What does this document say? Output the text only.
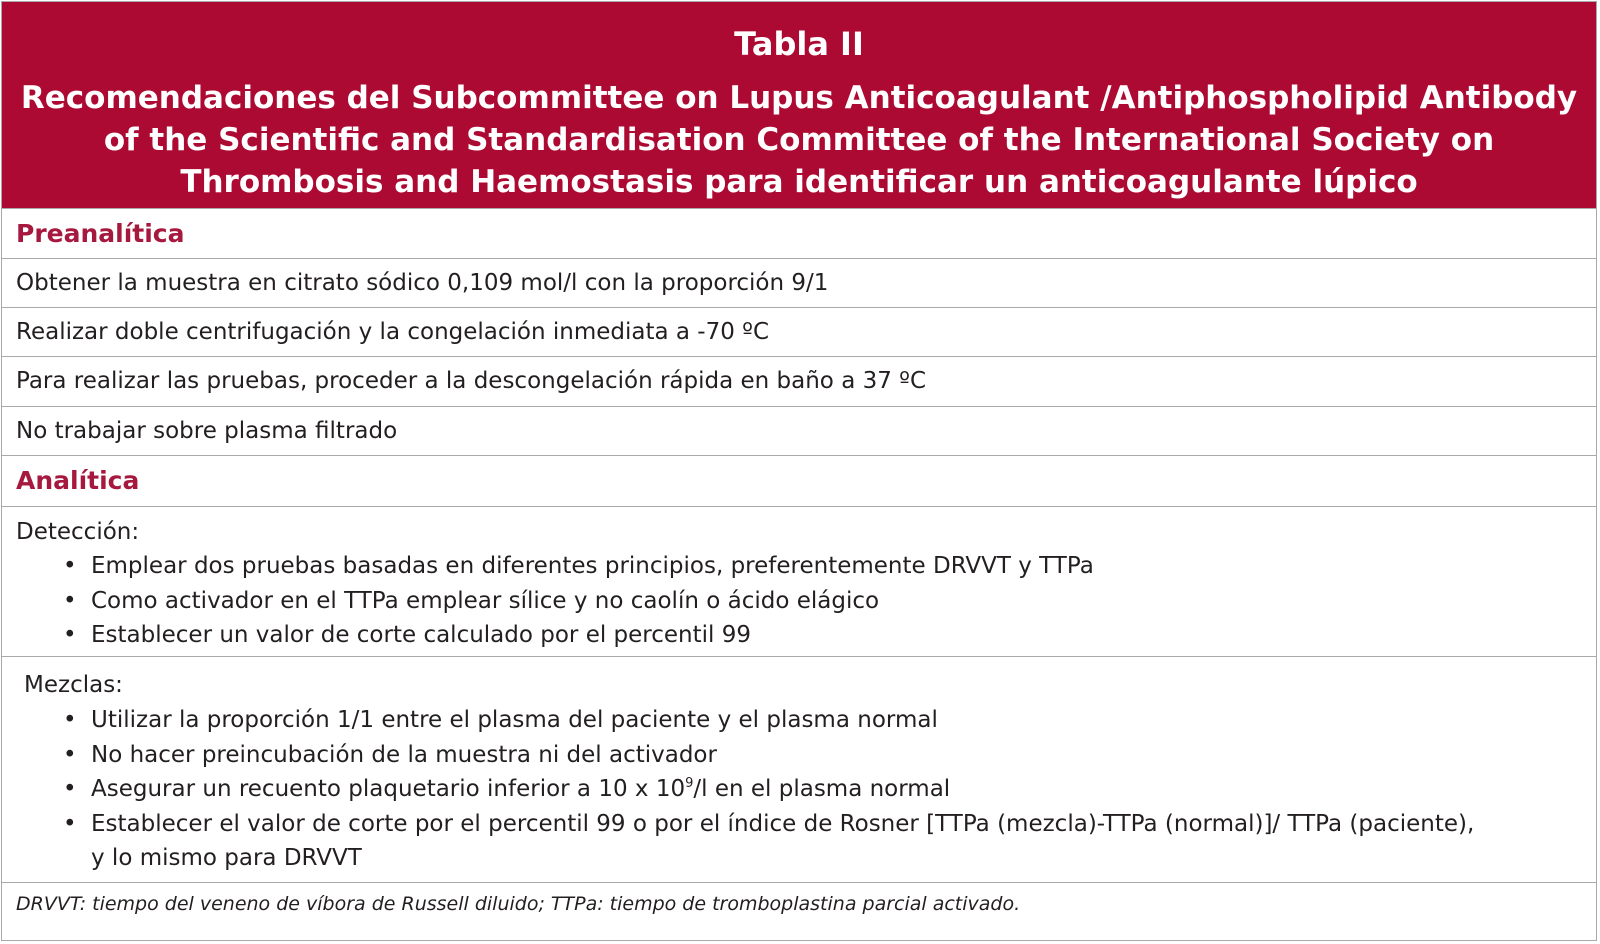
Tabla II
Recomendaciones del Subcommittee on Lupus Anticoagulant /Antiphospholipid Antibody of the Scientific and Standardisation Committee of the International Society on Thrombosis and Haemostasis para identificar un anticoagulante lúpico
Preanalítica
Obtener la muestra en citrato sódico 0,109 mol/l con la proporción 9/1
Realizar doble centrifugación y la congelación inmediata a -70 ºC
Para realizar las pruebas, proceder a la descongelación rápida en baño a 37 ºC
No trabajar sobre plasma filtrado
Analítica
Detección:
• Emplear dos pruebas basadas en diferentes principios, preferentemente DRVVT y TTPa
• Como activador en el TTPa emplear sílice y no caolín o ácido elágico
• Establecer un valor de corte calculado por el percentil 99
Mezclas:
• Utilizar la proporción 1/1 entre el plasma del paciente y el plasma normal
• No hacer preincubación de la muestra ni del activador
• Asegurar un recuento plaquetario inferior a 10 x $10^9/l$ en el plasma normal
• Establecer el valor de corte por el percentil 99 o por el índice de Rosner [TTPa (mezcla)-TTPa (normal)]/ TTPa (paciente),
y lo mismo para DRVVT
DRVVT: tiempo del veneno de víbora de Russell diluido; TTPa: tiempo de tromboplastina parcial activado.
